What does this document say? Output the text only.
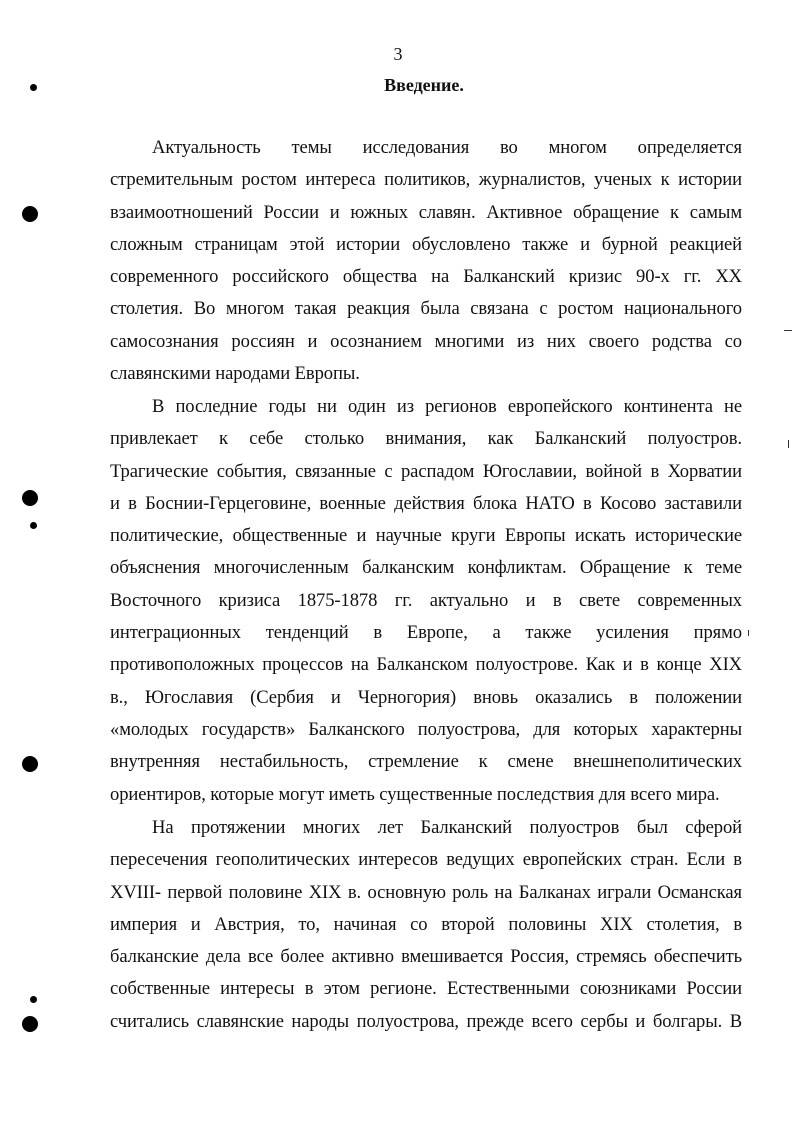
3
Введение.
Актуальность темы исследования во многом определяется
стремительным ростом интереса политиков, журналистов, ученых к истории
взаимоотношений России и южных славян. Активное обращение к самым
сложным страницам этой истории обусловлено также и бурной реакцией
современного российского общества на Балканский кризис 90-х гг. XX
столетия. Во многом такая реакция была связана с ростом национального
самосознания россиян и осознанием многими из них своего родства со
славянскими народами Европы.
В последние годы ни один из регионов европейского континента не
привлекает к себе столько внимания, как Балканский полуостров.
Трагические события, связанные с распадом Югославии, войной в Хорватии
и в Боснии-Герцеговине, военные действия блока НАТО в Косово заставили
политические, общественные и научные круги Европы искать исторические
объяснения многочисленным балканским конфликтам. Обращение к теме
Восточного кризиса 1875-1878 гг. актуально и в свете современных
интеграционных тенденций в Европе, а также усиления прямо
противоположных процессов на Балканском полуострове. Как и в конце XIX
в., Югославия (Сербия и Черногория) вновь оказались в положении
«молодых государств» Балканского полуострова, для которых характерны
внутренняя нестабильность, стремление к смене внешнеполитических
ориентиров, которые могут иметь существенные последствия для всего мира.
На протяжении многих лет Балканский полуостров был сферой
пересечения геополитических интересов ведущих европейских стран. Если в
XVIII- первой половине XIX в. основную роль на Балканах играли Османская
империя и Австрия, то, начиная со второй половины XIX столетия, в
балканские дела все более активно вмешивается Россия, стремясь обеспечить
собственные интересы в этом регионе. Естественными союзниками России
считались славянские народы полуострова, прежде всего сербы и болгары. В
